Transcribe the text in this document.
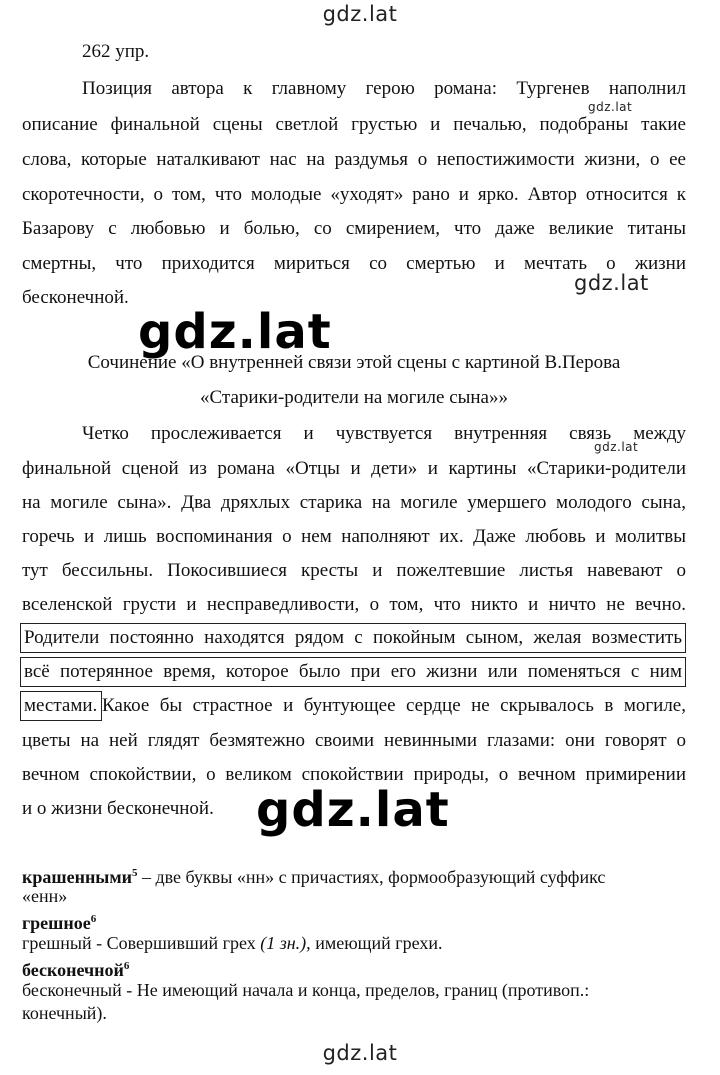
gdz.lat
gdz.lat
gdz.lat
gdz.lat
gdz.lat
gdz.lat
gdz.lat
262 упр.
Позиция автора к главному герою романа: Тургенев наполнил
описание финальной сцены светлой грустью и печалью, подобраны такие
слова, которые наталкивают нас на раздумья о непостижимости жизни, о ее
скоротечности, о том, что молодые «уходят» рано и ярко. Автор относится к
Базарову с любовью и болью, со смирением, что даже великие титаны
смертны, что приходится мириться со смертью и мечтать о жизни
бесконечной.
Сочинение «О внутренней связи этой сцены с картиной В.Перова
«Старики-родители на могиле сына»»
Четко прослеживается и чувствуется внутренняя связь между
финальной сценой из романа «Отцы и дети» и картины «Старики-родители
на могиле сына». Два дряхлых старика на могиле умершего молодого сына,
горечь и лишь воспоминания о нем наполняют их. Даже любовь и молитвы
тут бессильны. Покосившиеся кресты и пожелтевшие листья навевают о
вселенской грусти и несправедливости, о том, что никто и ничто не вечно.
Родители постоянно находятся рядом с покойным сыном, желая возместить
всё потерянное время, которое было при его жизни или поменяться с ним
местами. Какое бы страстное и бунтующее сердце не скрывалось в могиле,
цветы на ней глядят безмятежно своими невинными глазами: они говорят о
вечном спокойствии, о великом спокойствии природы, о вечном примирении
и о жизни бесконечной.
крашенными$^5$ – две буквы «нн» с причастиях, формообразующий суффикс
«енн»
грешное$^6$
грешный - Совершивший грех (1 зн.), имеющий грехи.
бесконечной$^6$
бесконечный - Не имеющий начала и конца, пределов, границ (противоп.:
конечный).
